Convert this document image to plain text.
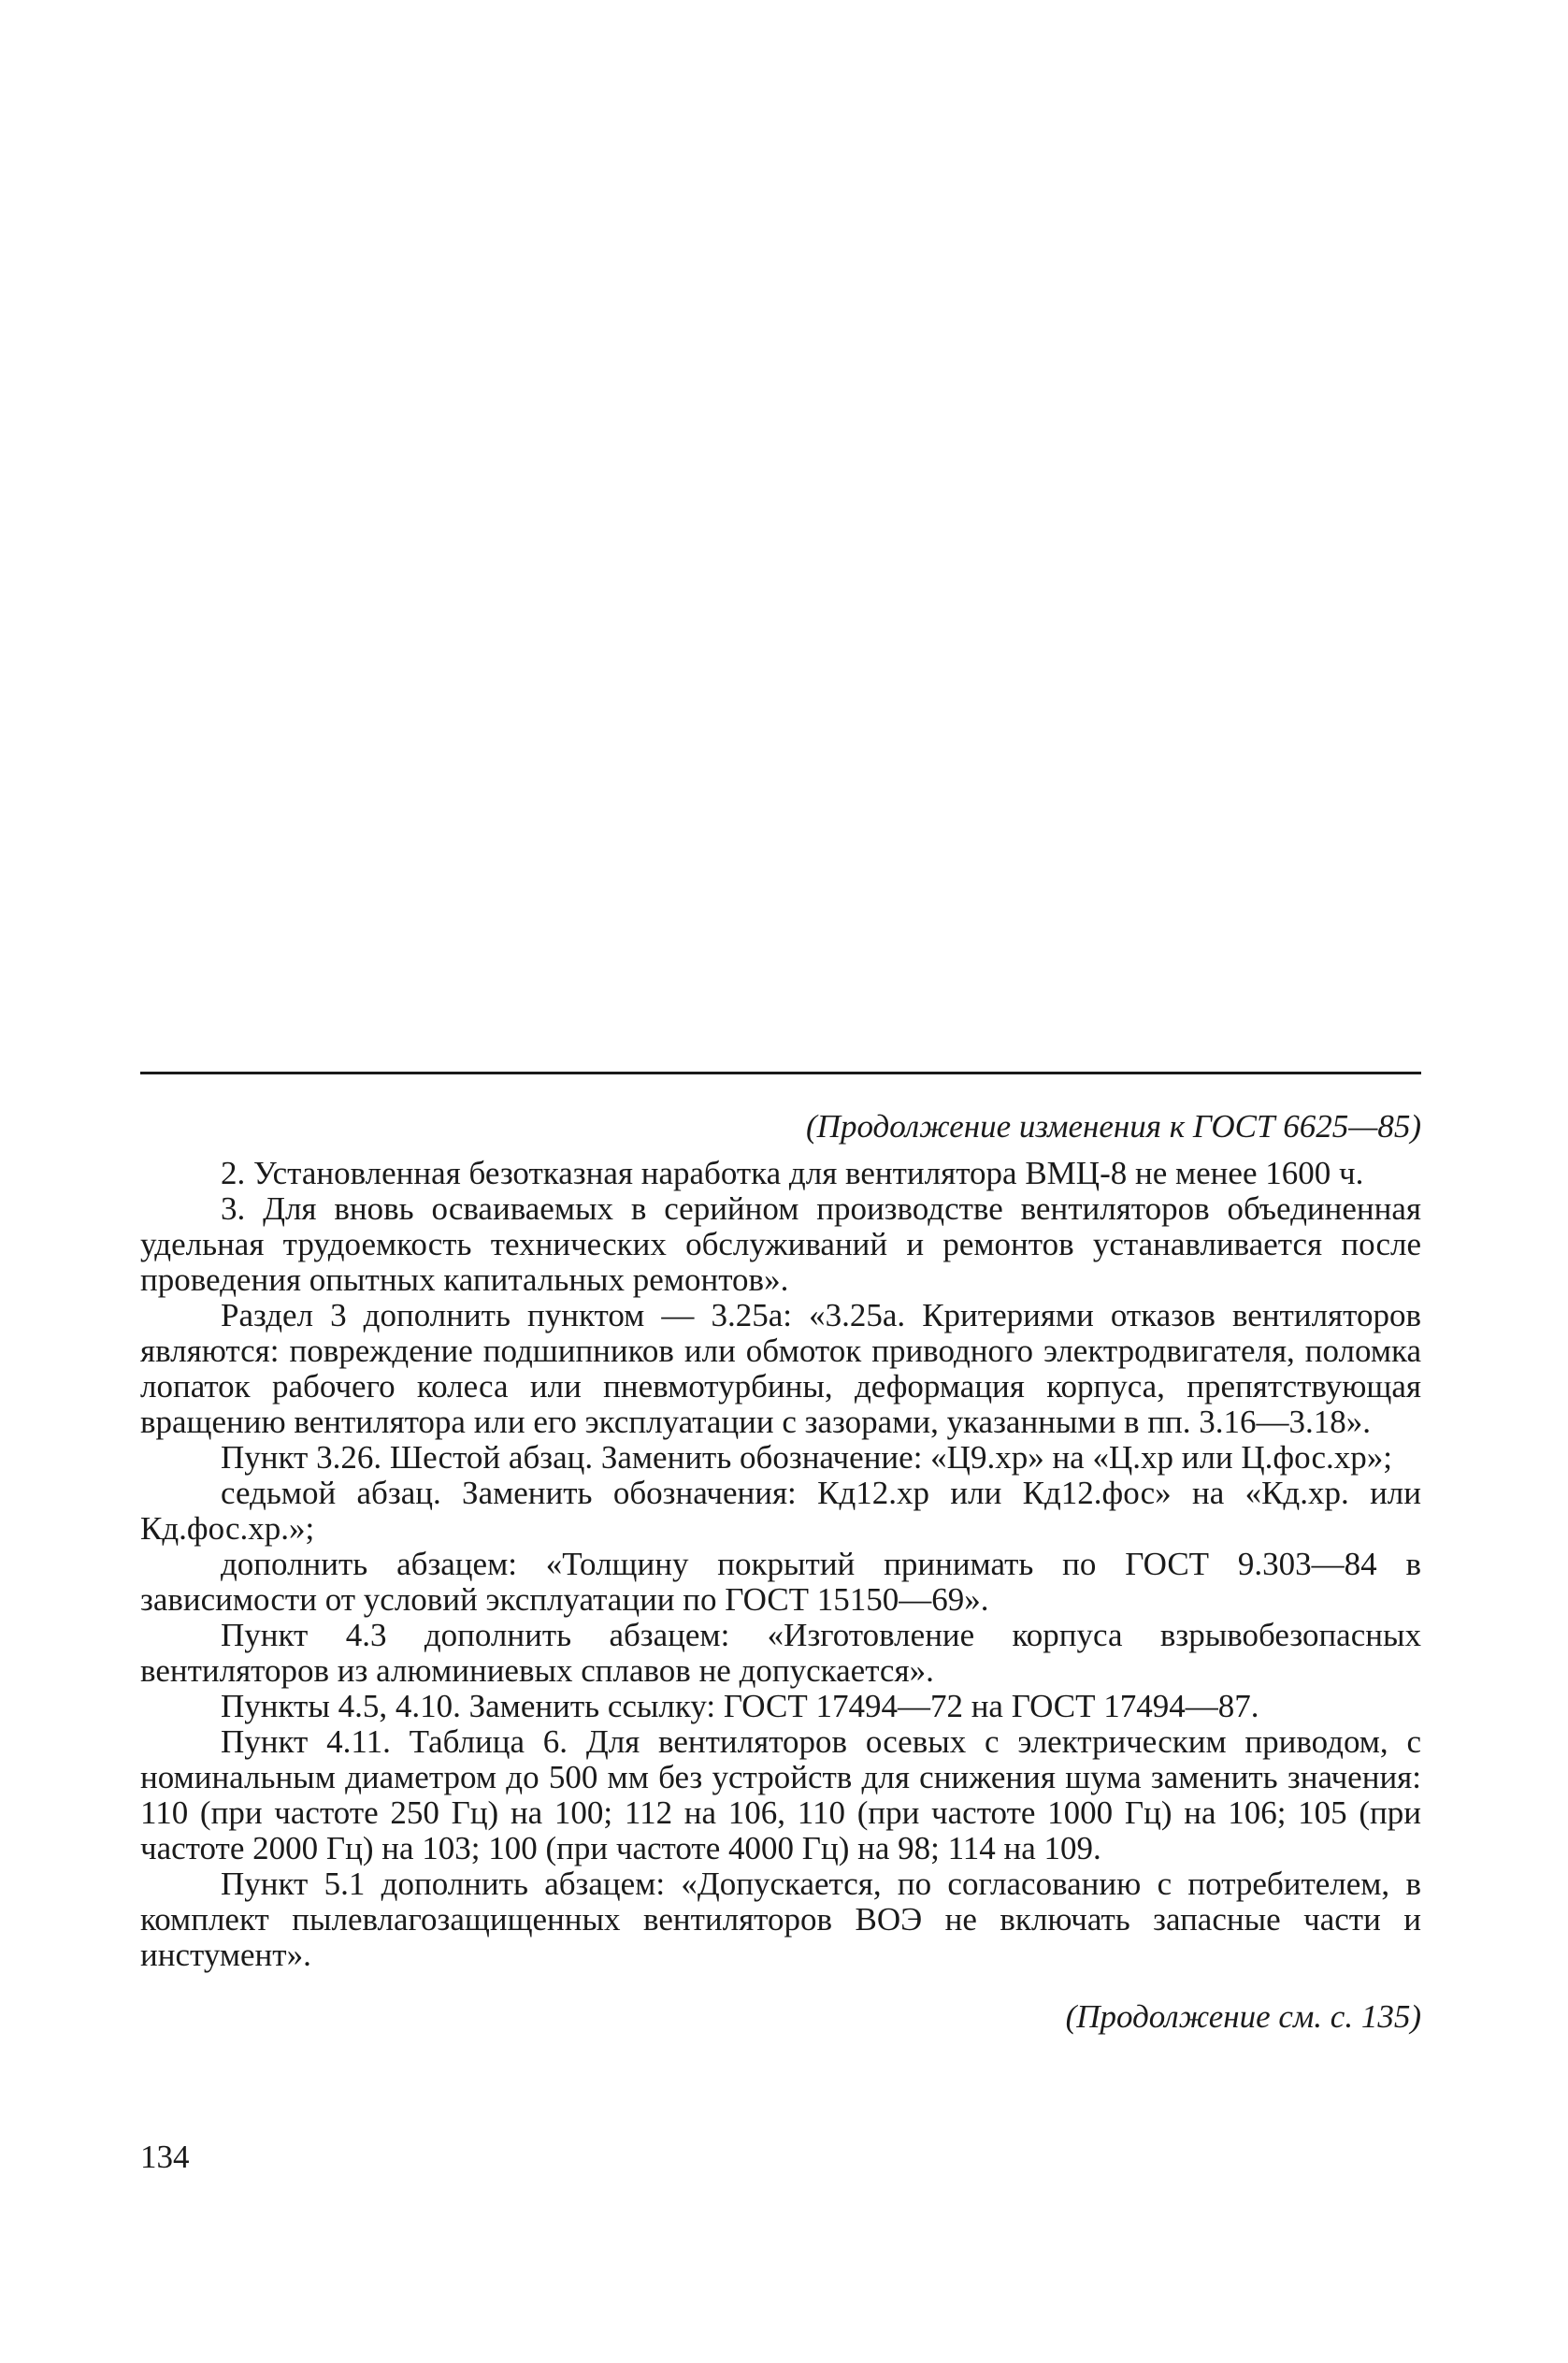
(Продолжение изменения к ГОСТ 6625—85)

2. Установленная безотказная наработка для вентилятора ВМЦ-8 не менее 1600 ч.

3. Для вновь осваиваемых в серийном производстве вентиляторов объединенная удельная трудоемкость технических обслуживаний и ремонтов устанавливается после проведения опытных капитальных ремонтов».

Раздел 3 дополнить пунктом — 3.25а: «3.25а. Критериями отказов вентиляторов являются: повреждение подшипников или обмоток приводного электродвигателя, поломка лопаток рабочего колеса или пневмотурбины, деформация корпуса, препятствующая вращению вентилятора или его эксплуатации с зазорами, указанными в пп. 3.16—3.18».

Пункт 3.26. Шестой абзац. Заменить обозначение: «Ц9.хр» на «Ц.хр или Ц.фос.хр»;

седьмой абзац. Заменить обозначения: Кд12.хр или Кд12.фос» на «Кд.хр. или Кд.фос.хр.»;

дополнить абзацем: «Толщину покрытий принимать по ГОСТ 9.303—84 в зависимости от условий эксплуатации по ГОСТ 15150—69».

Пункт 4.3 дополнить абзацем: «Изготовление корпуса взрывобезопасных вентиляторов из алюминиевых сплавов не допускается».

Пункты 4.5, 4.10. Заменить ссылку: ГОСТ 17494—72 на ГОСТ 17494—87.

Пункт 4.11. Таблица 6. Для вентиляторов осевых с электрическим приводом, с номинальным диаметром до 500 мм без устройств для снижения шума заменить значения: 110 (при частоте 250 Гц) на 100; 112 на 106, 110 (при частоте 1000 Гц) на 106; 105 (при частоте 2000 Гц) на 103; 100 (при частоте 4000 Гц) на 98; 114 на 109.

Пункт 5.1 дополнить абзацем: «Допускается, по согласованию с потребителем, в комплект пылевлагозащищенных вентиляторов ВОЭ не включать запасные части и инстумент».

(Продолжение см. с. 135)

134
